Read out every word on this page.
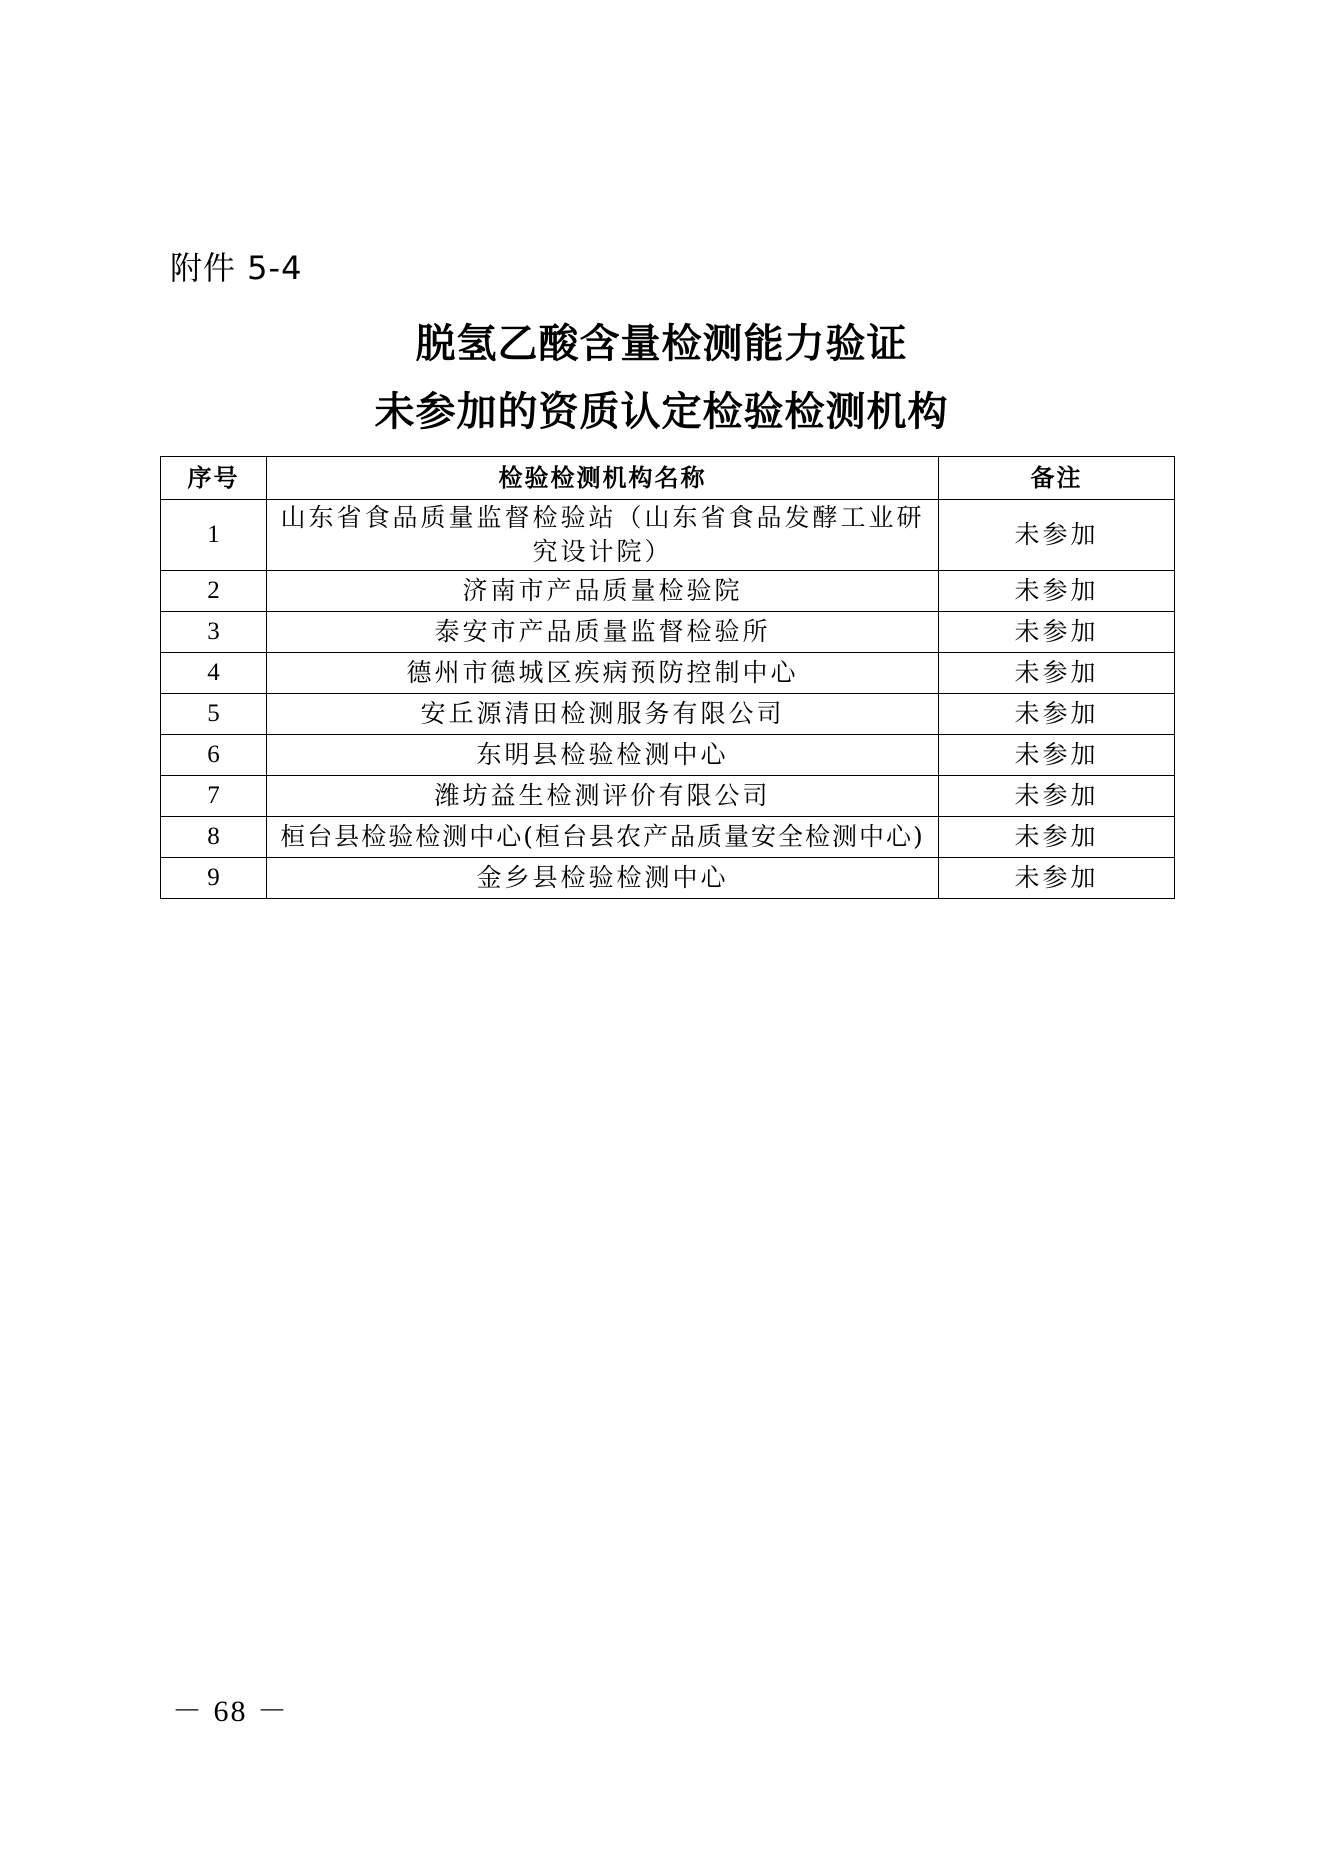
附件 5-4
脱氢乙酸含量检测能力验证
未参加的资质认定检验检测机构
序号	检验检测机构名称	备注
1	山东省食品质量监督检验站（山东省食品发酵工业研究设计院）	未参加
2	济南市产品质量检验院	未参加
3	泰安市产品质量监督检验所	未参加
4	德州市德城区疾病预防控制中心	未参加
5	安丘源清田检测服务有限公司	未参加
6	东明县检验检测中心	未参加
7	潍坊益生检测评价有限公司	未参加
8	桓台县检验检测中心(桓台县农产品质量安全检测中心)	未参加
9	金乡县检验检测中心	未参加
－ 68 －
